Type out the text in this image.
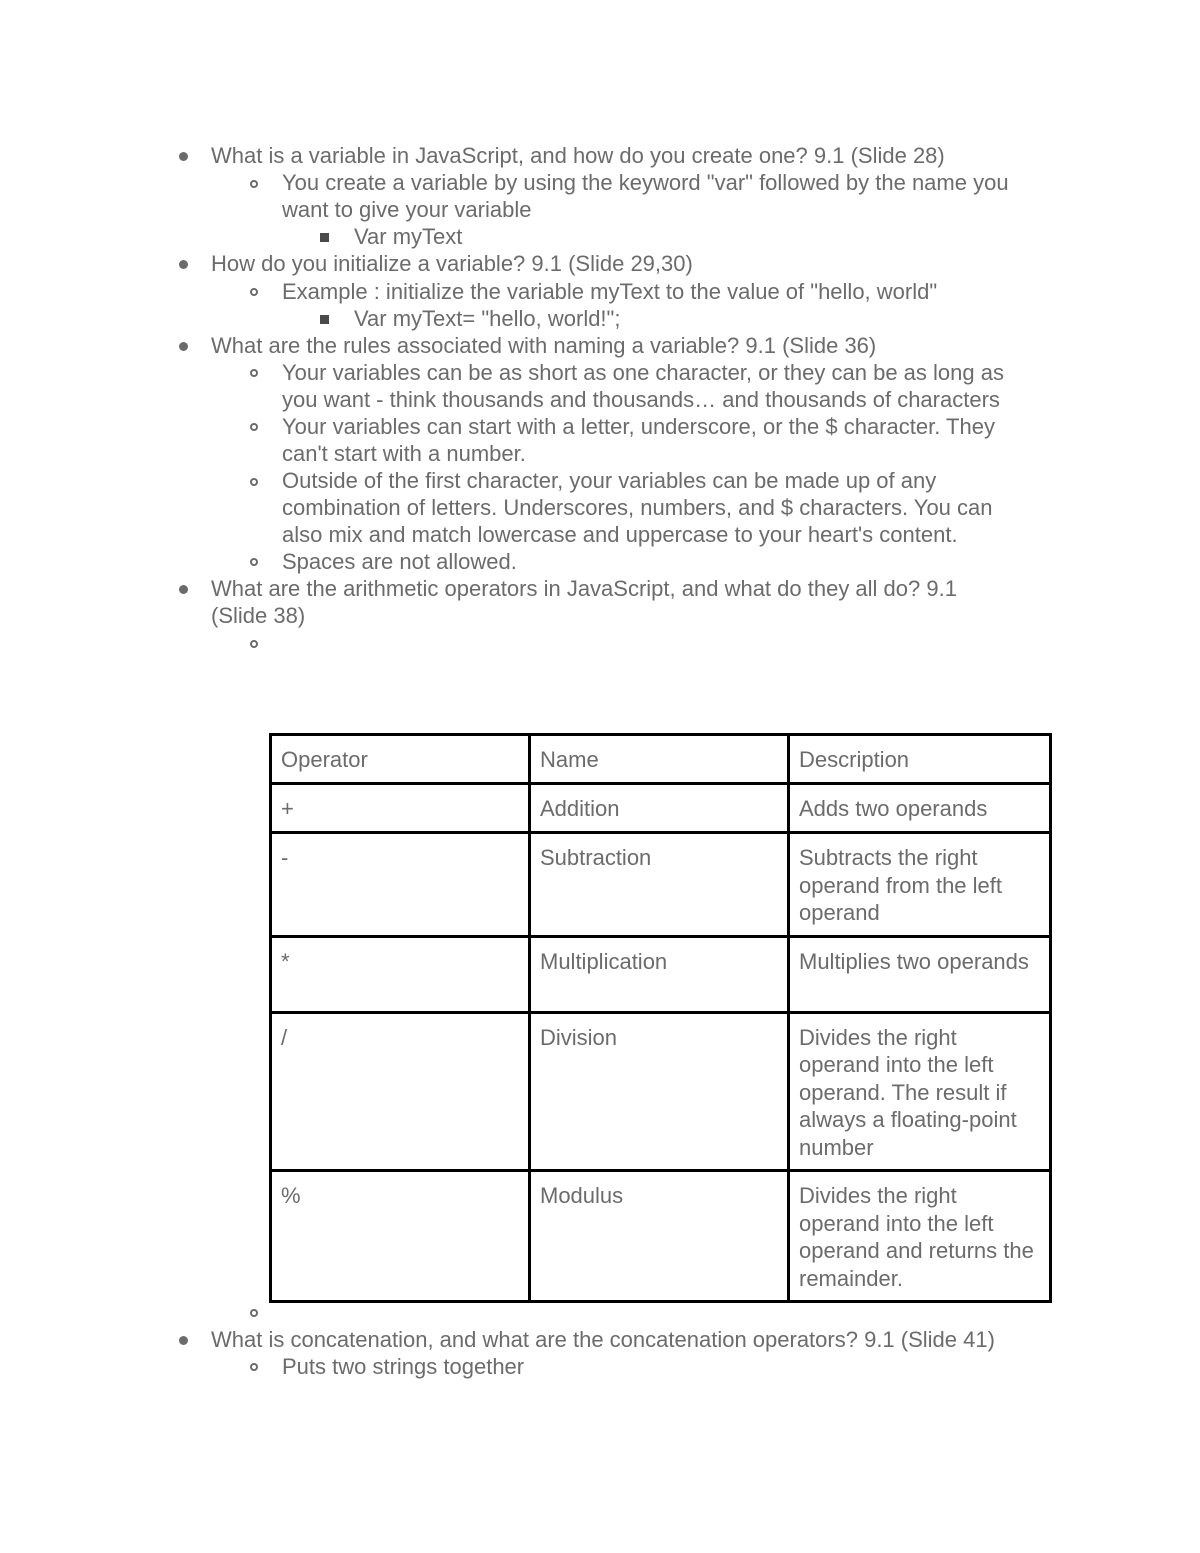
What is a variable in JavaScript, and how do you create one? 9.1 (Slide 28)
You create a variable by using the keyword "var" followed by the name you
want to give your variable
Var myText
How do you initialize a variable? 9.1 (Slide 29,30)
Example : initialize the variable myText to the value of "hello, world"
Var myText= "hello, world!";
What are the rules associated with naming a variable? 9.1 (Slide 36)
Your variables can be as short as one character, or they can be as long as
you want - think thousands and thousands… and thousands of characters
Your variables can start with a letter, underscore, or the $ character. They
can't start with a number.
Outside of the first character, your variables can be made up of any
combination of letters. Underscores, numbers, and $ characters. You can
also mix and match lowercase and uppercase to your heart's content.
Spaces are not allowed.
What are the arithmetic operators in JavaScript, and what do they all do? 9.1
(Slide 38)
Operator	Name	Description
+	Addition	Adds two operands
-	Subtraction	Subtracts the right operand from the left operand
*	Multiplication	Multiplies two operands
/	Division	Divides the right operand into the left operand. The result if always a floating-point number
%	Modulus	Divides the right operand into the left operand and returns the remainder.
What is concatenation, and what are the concatenation operators? 9.1 (Slide 41)
Puts two strings together
